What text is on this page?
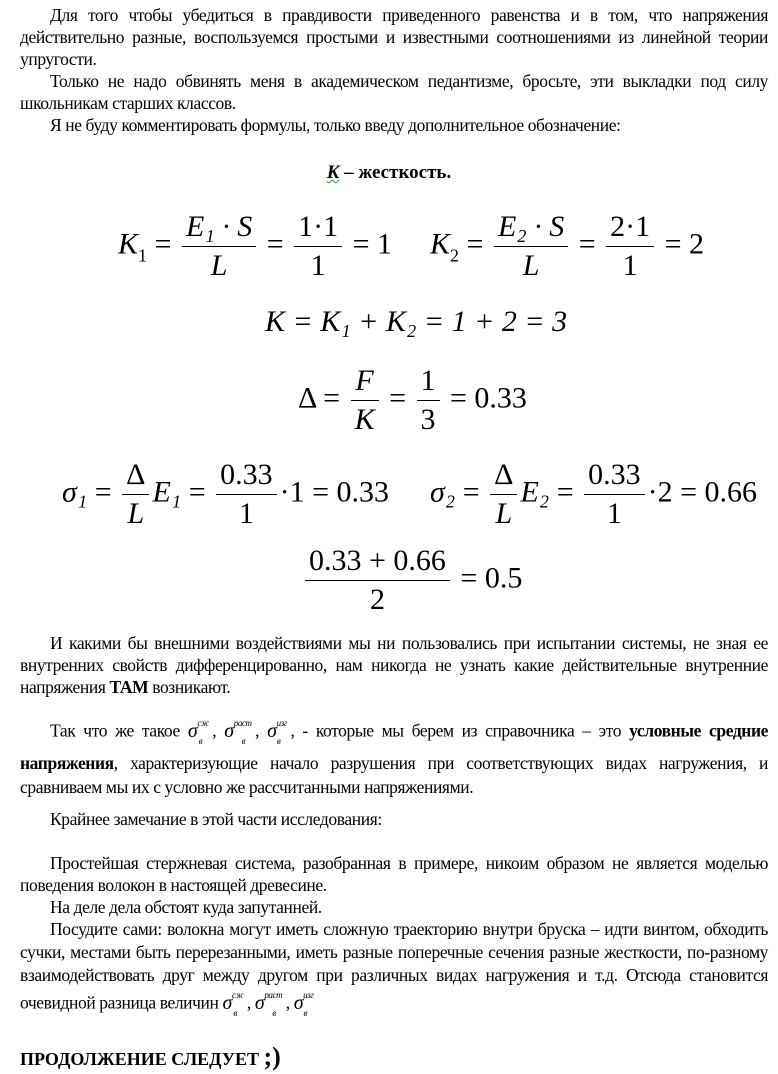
Для того чтобы убедиться в правдивости приведенного равенства и в том, что напряжения действительно разные, воспользуемся простыми и известными соотношениями из линейной теории упругости.
Только не надо обвинять меня в академическом педантизме, бросьте, эти выкладки под силу школьникам старших классов.
Я не буду комментировать формулы, только введу дополнительное обозначение:
K – жесткость.
$K_1 = \frac{\text{E₁ · S}}{L} = \frac{1\cdot 1}{1} = 1$ $K_2 = \frac{\text{E₂ · S}}{L} = \frac{2\cdot 1}{1} = 2$
K = K₁ + K₂ = 1 + 2 = 3
$\Delta = \frac{F}{K} = \frac{1}{3} = 0.33$
$\sigma_1 = \frac{\Delta}{L} E_1 = \frac{0.33}{1} \cdot 1 = 0.33$ $\sigma_2 = \frac{\Delta}{L} E_2 = \frac{0.33}{1} \cdot 2 = 0.66$
$\frac{0.33 + 0.66}{2} = 0.5$
И какими бы внешними воздействиями мы ни пользовались при испытании системы, не зная ее внутренних свойств дифференцированно, нам никогда не узнать какие действительные внутренние напряжения ТАМ возникают.
Так что же такое $\sigma^{сж}_в$ , $\sigma^{раст}_в$ , $\sigma^{изг}_в$ , - которые мы берем из справочника – это условные средние напряжения, характеризующие начало разрушения при соответствующих видах нагружения, и сравниваем мы их с условно же рассчитанными напряжениями.
Крайнее замечание в этой части исследования:
Простейшая стержневая система, разобранная в примере, никоим образом не является моделью поведения волокон в настоящей древесине.
На деле дела обстоят куда запутанней.
Посудите сами: волокна могут иметь сложную траекторию внутри бруска – идти винтом, обходить сучки, местами быть перерезанными, иметь разные поперечные сечения разные жесткости, по-разному взаимодействовать друг между другом при различных видах нагружения и т.д. Отсюда становится очевидной разница величин $\sigma^{сж}_в$ , $\sigma^{раст}_в$ , $\sigma^{изг}_в$
ПРОДОЛЖЕНИЕ СЛЕДУЕТ ;)
